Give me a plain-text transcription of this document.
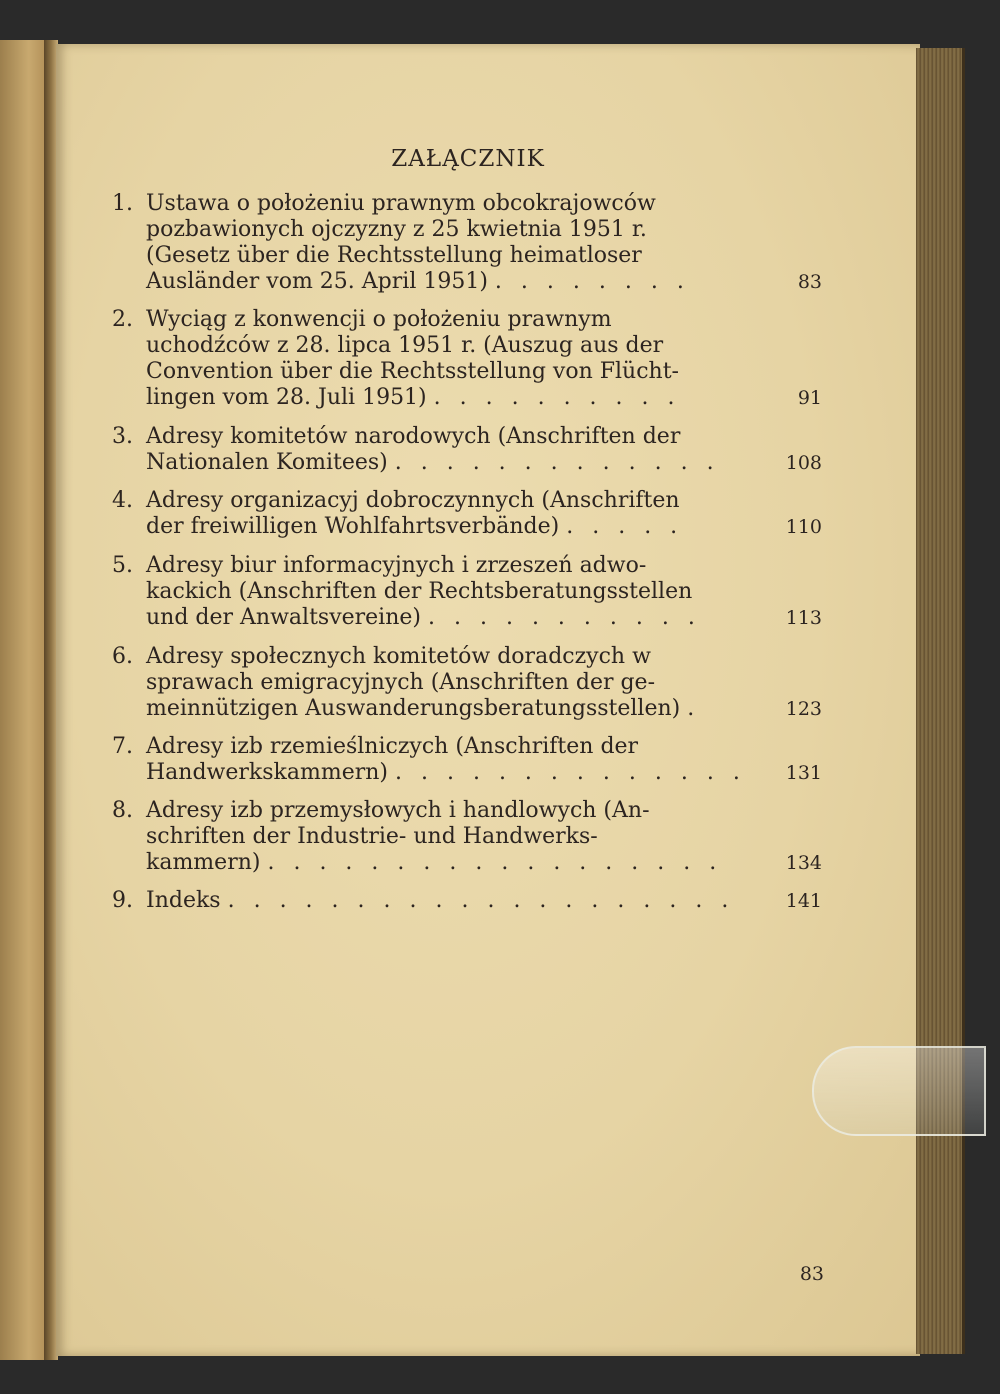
ZAŁĄCZNIK
1. Ustawa o położeniu prawnym obcokrajowców
pozbawionych ojczyzny z 25 kwietnia 1951 r.
(Gesetz über die Rechtsstellung heimatloser
Ausländer vom 25. April 1951) . . . . . . . .	83
2. Wyciąg z konwencji o położeniu prawnym
uchodźców z 28. lipca 1951 r. (Auszug aus der
Convention über die Rechtsstellung von Flücht-
lingen vom 28. Juli 1951) . . . . . . . . . .	91
3. Adresy komitetów narodowych (Anschriften der
Nationalen Komitees) . . . . . . . . . . . . .	108
4. Adresy organizacyj dobroczynnych (Anschriften
der freiwilligen Wohlfahrtsverbände) . . . . .	110
5. Adresy biur informacyjnych i zrzeszeń adwo-
kackich (Anschriften der Rechtsberatungsstellen
und der Anwaltsvereine) . . . . . . . . . . .	113
6. Adresy społecznych komitetów doradczych w
sprawach emigracyjnych (Anschriften der ge-
meinnützigen Auswanderungsberatungsstellen) .	123
7. Adresy izb rzemieślniczych (Anschriften der
Handwerkskammern) . . . . . . . . . . . . . .	131
8. Adresy izb przemysłowych i handlowych (An-
schriften der Industrie- und Handwerks-
kammern) . . . . . . . . . . . . . . . . . .	134
9. Indeks . . . . . . . . . . . . . . . . . . . .	141
83
